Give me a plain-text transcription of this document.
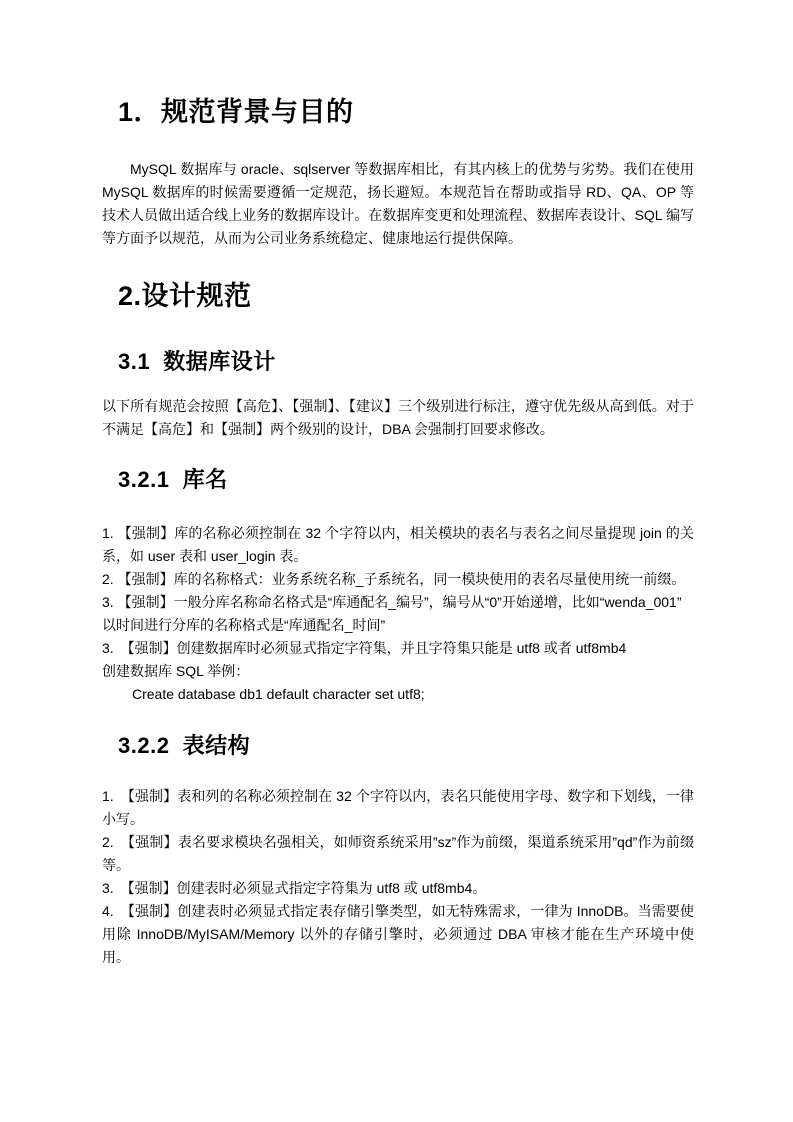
1．规范背景与目的

MySQL 数据库与 oracle、sqlserver 等数据库相比，有其内核上的优势与劣势。我们在使用 MySQL 数据库的时候需要遵循一定规范，扬长避短。本规范旨在帮助或指导 RD、QA、OP 等技术人员做出适合线上业务的数据库设计。在数据库变更和处理流程、数据库表设计、SQL 编写等方面予以规范，从而为公司业务系统稳定、健康地运行提供保障。

2.设计规范
3.1  数据库设计

以下所有规范会按照【高危】、【强制】、【建议】三个级别进行标注，遵守优先级从高到低。对于不满足【高危】和【强制】两个级别的设计，DBA 会强制打回要求修改。

3.2.1  库名

1. 【强制】库的名称必须控制在 32 个字符以内，相关模块的表名与表名之间尽量提现 join 的关系，如 user 表和 user_login 表。

2. 【强制】库的名称格式：业务系统名称_子系统名，同一模块使用的表名尽量使用统一前缀。

3. 【强制】一般分库名称命名格式是“库通配名_编号”，编号从“0”开始递增，比如“wenda_001”

以时间进行分库的名称格式是“库通配名_时间”

3.　【强制】创建数据库时必须显式指定字符集，并且字符集只能是 utf8 或者 utf8mb4

创建数据库 SQL 举例：

Create database db1 default character set utf8;

3.2.2  表结构

1.　【强制】表和列的名称必须控制在 32 个字符以内，表名只能使用字母、数字和下划线，一律小写。

2.　【强制】表名要求模块名强相关，如师资系统采用”sz”作为前缀，渠道系统采用”qd”作为前缀等。

3.　【强制】创建表时必须显式指定字符集为 utf8 或 utf8mb4。

4.　【强制】创建表时必须显式指定表存储引擎类型，如无特殊需求，一律为 InnoDB。当需要使用除 InnoDB/MyISAM/Memory 以外的存储引擎时，必须通过 DBA 审核才能在生产环境中使用。
